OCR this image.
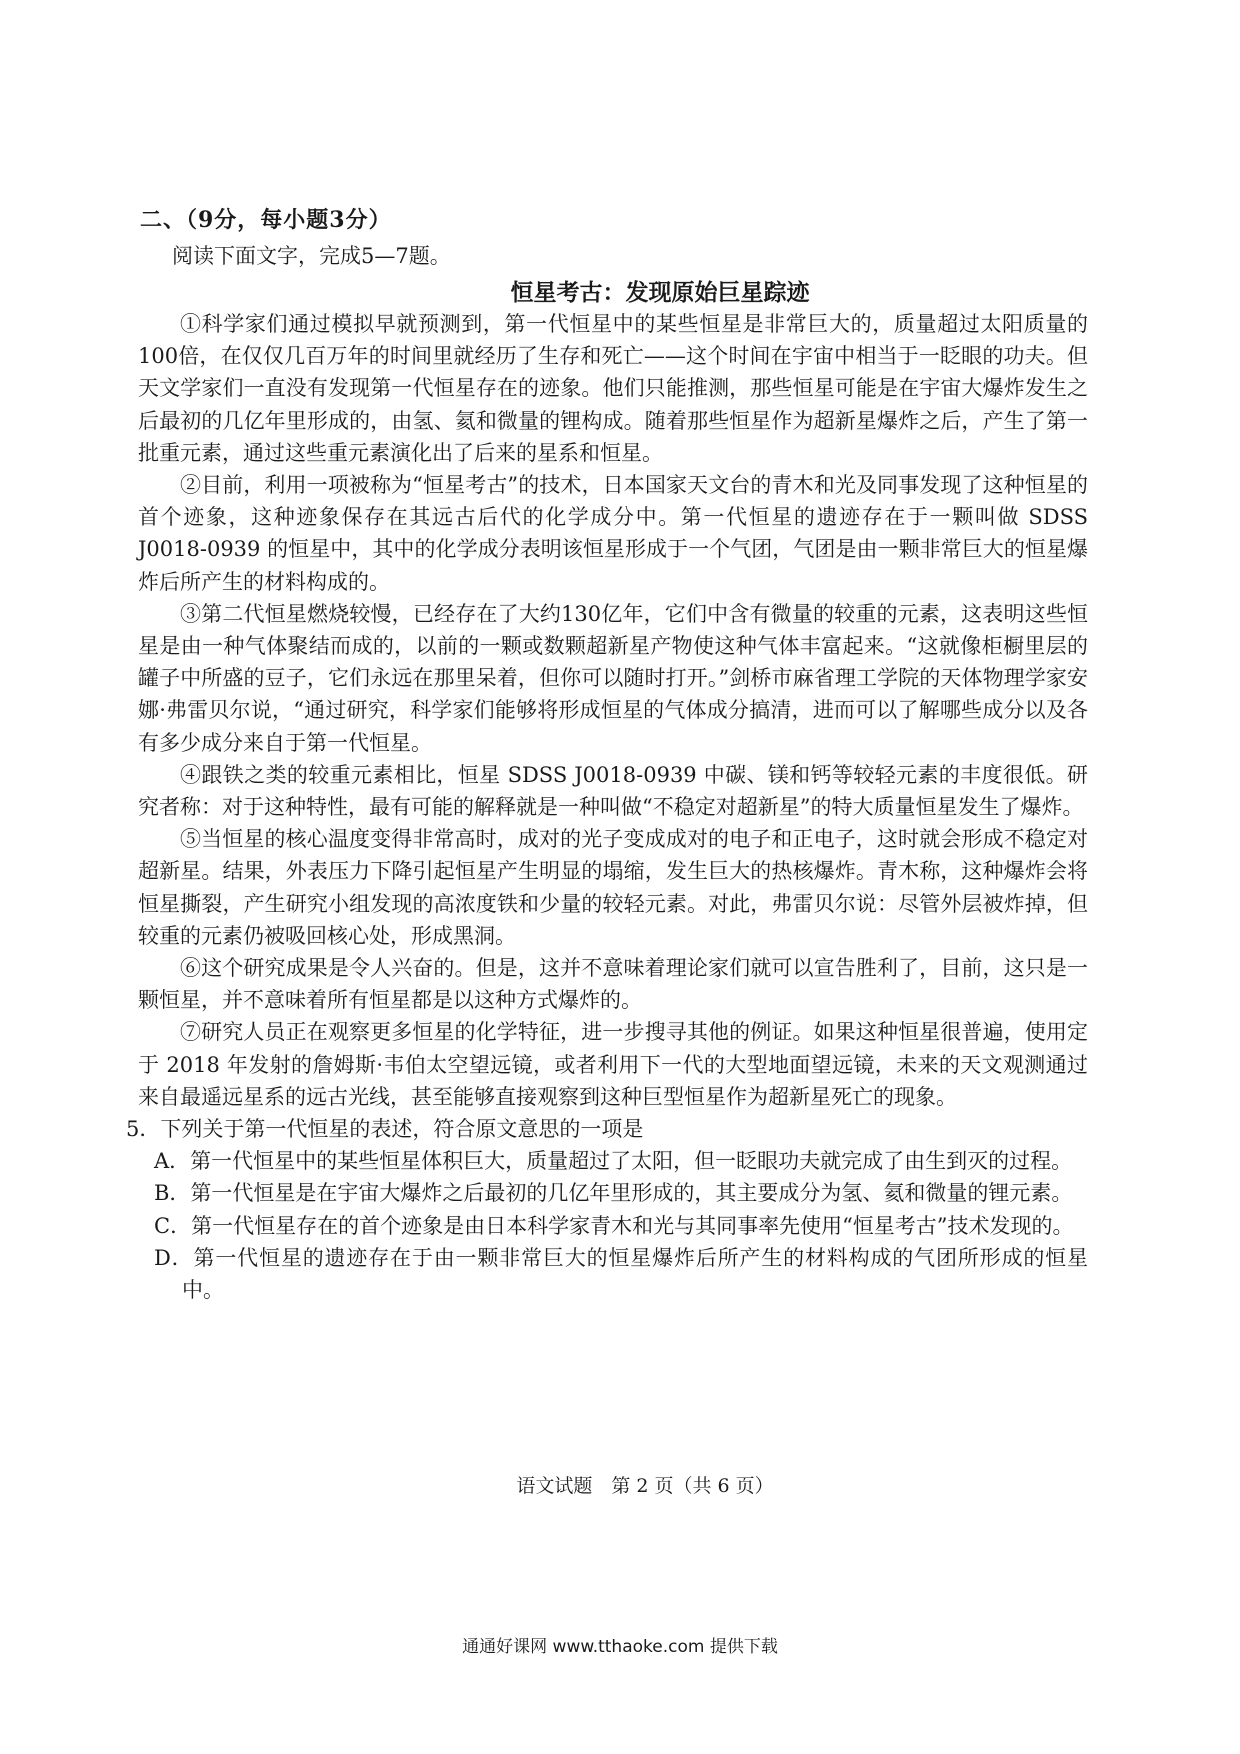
二、（9分，每小题3分）
阅读下面文字，完成5—7题。
恒星考古：发现原始巨星踪迹

①科学家们通过模拟早就预测到，第一代恒星中的某些恒星是非常巨大的，质量超过太阳质量的100倍，在仅仅几百万年的时间里就经历了生存和死亡——这个时间在宇宙中相当于一眨眼的功夫。但天文学家们一直没有发现第一代恒星存在的迹象。他们只能推测，那些恒星可能是在宇宙大爆炸发生之后最初的几亿年里形成的，由氢、氦和微量的锂构成。随着那些恒星作为超新星爆炸之后，产生了第一批重元素，通过这些重元素演化出了后来的星系和恒星。

②目前，利用一项被称为“恒星考古”的技术，日本国家天文台的青木和光及同事发现了这种恒星的首个迹象，这种迹象保存在其远古后代的化学成分中。第一代恒星的遗迹存在于一颗叫做 SDSS J0018-0939 的恒星中，其中的化学成分表明该恒星形成于一个气团，气团是由一颗非常巨大的恒星爆炸后所产生的材料构成的。

③第二代恒星燃烧较慢，已经存在了大约130亿年，它们中含有微量的较重的元素，这表明这些恒星是由一种气体聚结而成的，以前的一颗或数颗超新星产物使这种气体丰富起来。“这就像柜橱里层的罐子中所盛的豆子，它们永远在那里呆着，但你可以随时打开。”剑桥市麻省理工学院的天体物理学家安娜·弗雷贝尔说，“通过研究，科学家们能够将形成恒星的气体成分搞清，进而可以了解哪些成分以及各有多少成分来自于第一代恒星。

④跟铁之类的较重元素相比，恒星 SDSS J0018-0939 中碳、镁和钙等较轻元素的丰度很低。研究者称：对于这种特性，最有可能的解释就是一种叫做“不稳定对超新星”的特大质量恒星发生了爆炸。

⑤当恒星的核心温度变得非常高时，成对的光子变成成对的电子和正电子，这时就会形成不稳定对超新星。结果，外表压力下降引起恒星产生明显的塌缩，发生巨大的热核爆炸。青木称，这种爆炸会将恒星撕裂，产生研究小组发现的高浓度铁和少量的较轻元素。对此，弗雷贝尔说：尽管外层被炸掉，但较重的元素仍被吸回核心处，形成黑洞。

⑥这个研究成果是令人兴奋的。但是，这并不意味着理论家们就可以宣告胜利了，目前，这只是一颗恒星，并不意味着所有恒星都是以这种方式爆炸的。

⑦研究人员正在观察更多恒星的化学特征，进一步搜寻其他的例证。如果这种恒星很普遍，使用定于 2018 年发射的詹姆斯·韦伯太空望远镜，或者利用下一代的大型地面望远镜，未来的天文观测通过来自最遥远星系的远古光线，甚至能够直接观察到这种巨型恒星作为超新星死亡的现象。

5．下列关于第一代恒星的表述，符合原文意思的一项是

A．第一代恒星中的某些恒星体积巨大，质量超过了太阳，但一眨眼功夫就完成了由生到灭的过程。

B．第一代恒星是在宇宙大爆炸之后最初的几亿年里形成的，其主要成分为氢、氦和微量的锂元素。

C．第一代恒星存在的首个迹象是由日本科学家青木和光与其同事率先使用“恒星考古”技术发现的。

D．第一代恒星的遗迹存在于由一颗非常巨大的恒星爆炸后所产生的材料构成的气团所形成的恒星中。

语文试题　第 2 页（共 6 页）
通通好课网 www.tthaoke.com 提供下载
